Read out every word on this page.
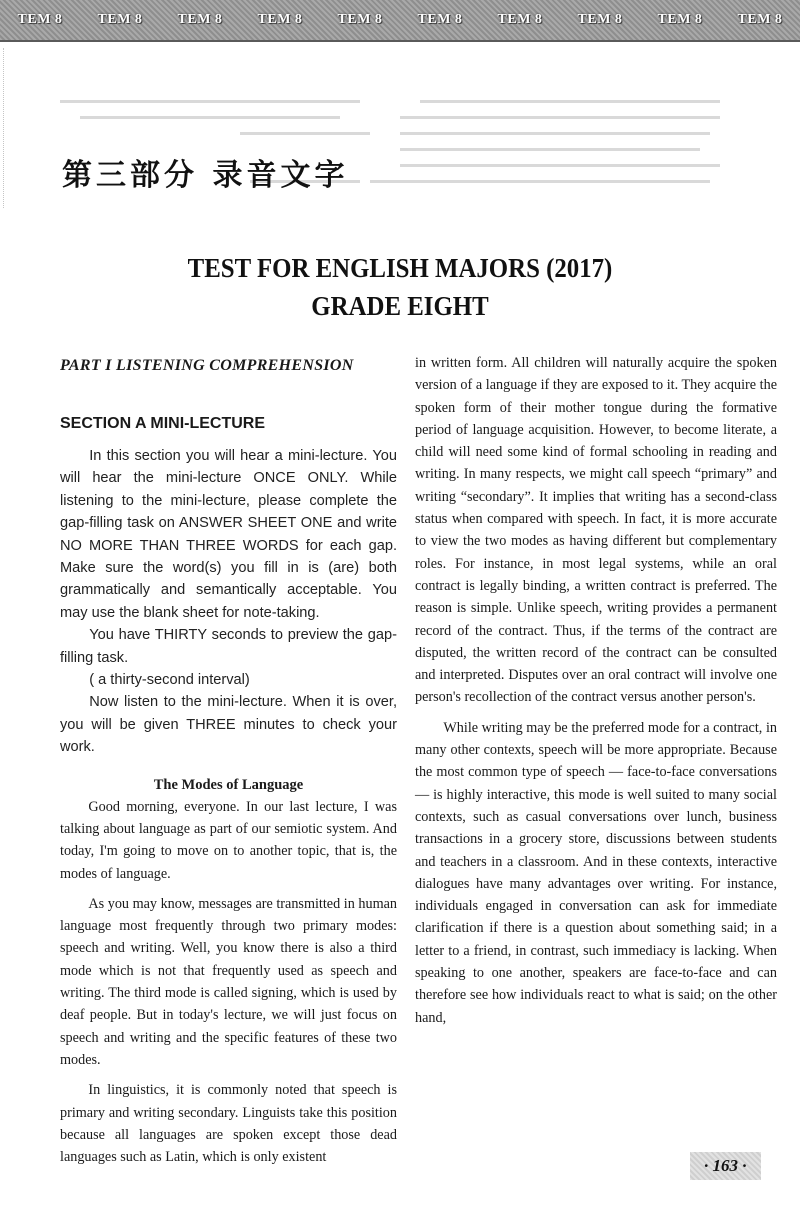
TEM 8	TEM 8	TEM 8	TEM 8	TEM 8	TEM 8	TEM 8	TEM 8	TEM 8	TEM 8
第三部分 录音文字
TEST FOR ENGLISH MAJORS (2017)
GRADE EIGHT
PART I LISTENING COMPREHENSION
SECTION A MINI-LECTURE

In this section you will hear a mini-lecture. You will hear the mini-lecture ONCE ONLY. While listening to the mini-lecture, please complete the gap-filling task on ANSWER SHEET ONE and write NO MORE THAN THREE WORDS for each gap. Make sure the word(s) you fill in is (are) both grammatically and semantically acceptable. You may use the blank sheet for note-taking.

You have THIRTY seconds to preview the gap-filling task.

( a thirty-second interval)

Now listen to the mini-lecture. When it is over, you will be given THREE minutes to check your work.

The Modes of Language

Good morning, everyone. In our last lecture, I was talking about language as part of our semiotic system. And today, I'm going to move on to another topic, that is, the modes of language.

As you may know, messages are transmitted in human language most frequently through two primary modes: speech and writing. Well, you know there is also a third mode which is not that frequently used as speech and writing. The third mode is called signing, which is used by deaf people. But in today's lecture, we will just focus on speech and writing and the specific features of these two modes.

In linguistics, it is commonly noted that speech is primary and writing secondary. Linguists take this position because all languages are spoken except those dead languages such as Latin, which is only existent

in written form. All children will naturally acquire the spoken version of a language if they are exposed to it. They acquire the spoken form of their mother tongue during the formative period of language acquisition. However, to become literate, a child will need some kind of formal schooling in reading and writing. In many respects, we might call speech “primary” and writing “secondary”. It implies that writing has a second-class status when compared with speech. In fact, it is more accurate to view the two modes as having different but complementary roles. For instance, in most legal systems, while an oral contract is legally binding, a written contract is preferred. The reason is simple. Unlike speech, writing provides a permanent record of the contract. Thus, if the terms of the contract are disputed, the written record of the contract can be consulted and interpreted. Disputes over an oral contract will involve one person's recollection of the contract versus another person's.

While writing may be the preferred mode for a contract, in many other contexts, speech will be more appropriate. Because the most common type of speech — face-to-face conversations — is highly interactive, this mode is well suited to many social contexts, such as casual conversations over lunch, business transactions in a grocery store, discussions between students and teachers in a classroom. And in these contexts, interactive dialogues have many advantages over writing. For instance, individuals engaged in conversation can ask for immediate clarification if there is a question about something said; in a letter to a friend, in contrast, such immediacy is lacking. When speaking to one another, speakers are face-to-face and can therefore see how individuals react to what is said; on the other hand,

· 163 ·
